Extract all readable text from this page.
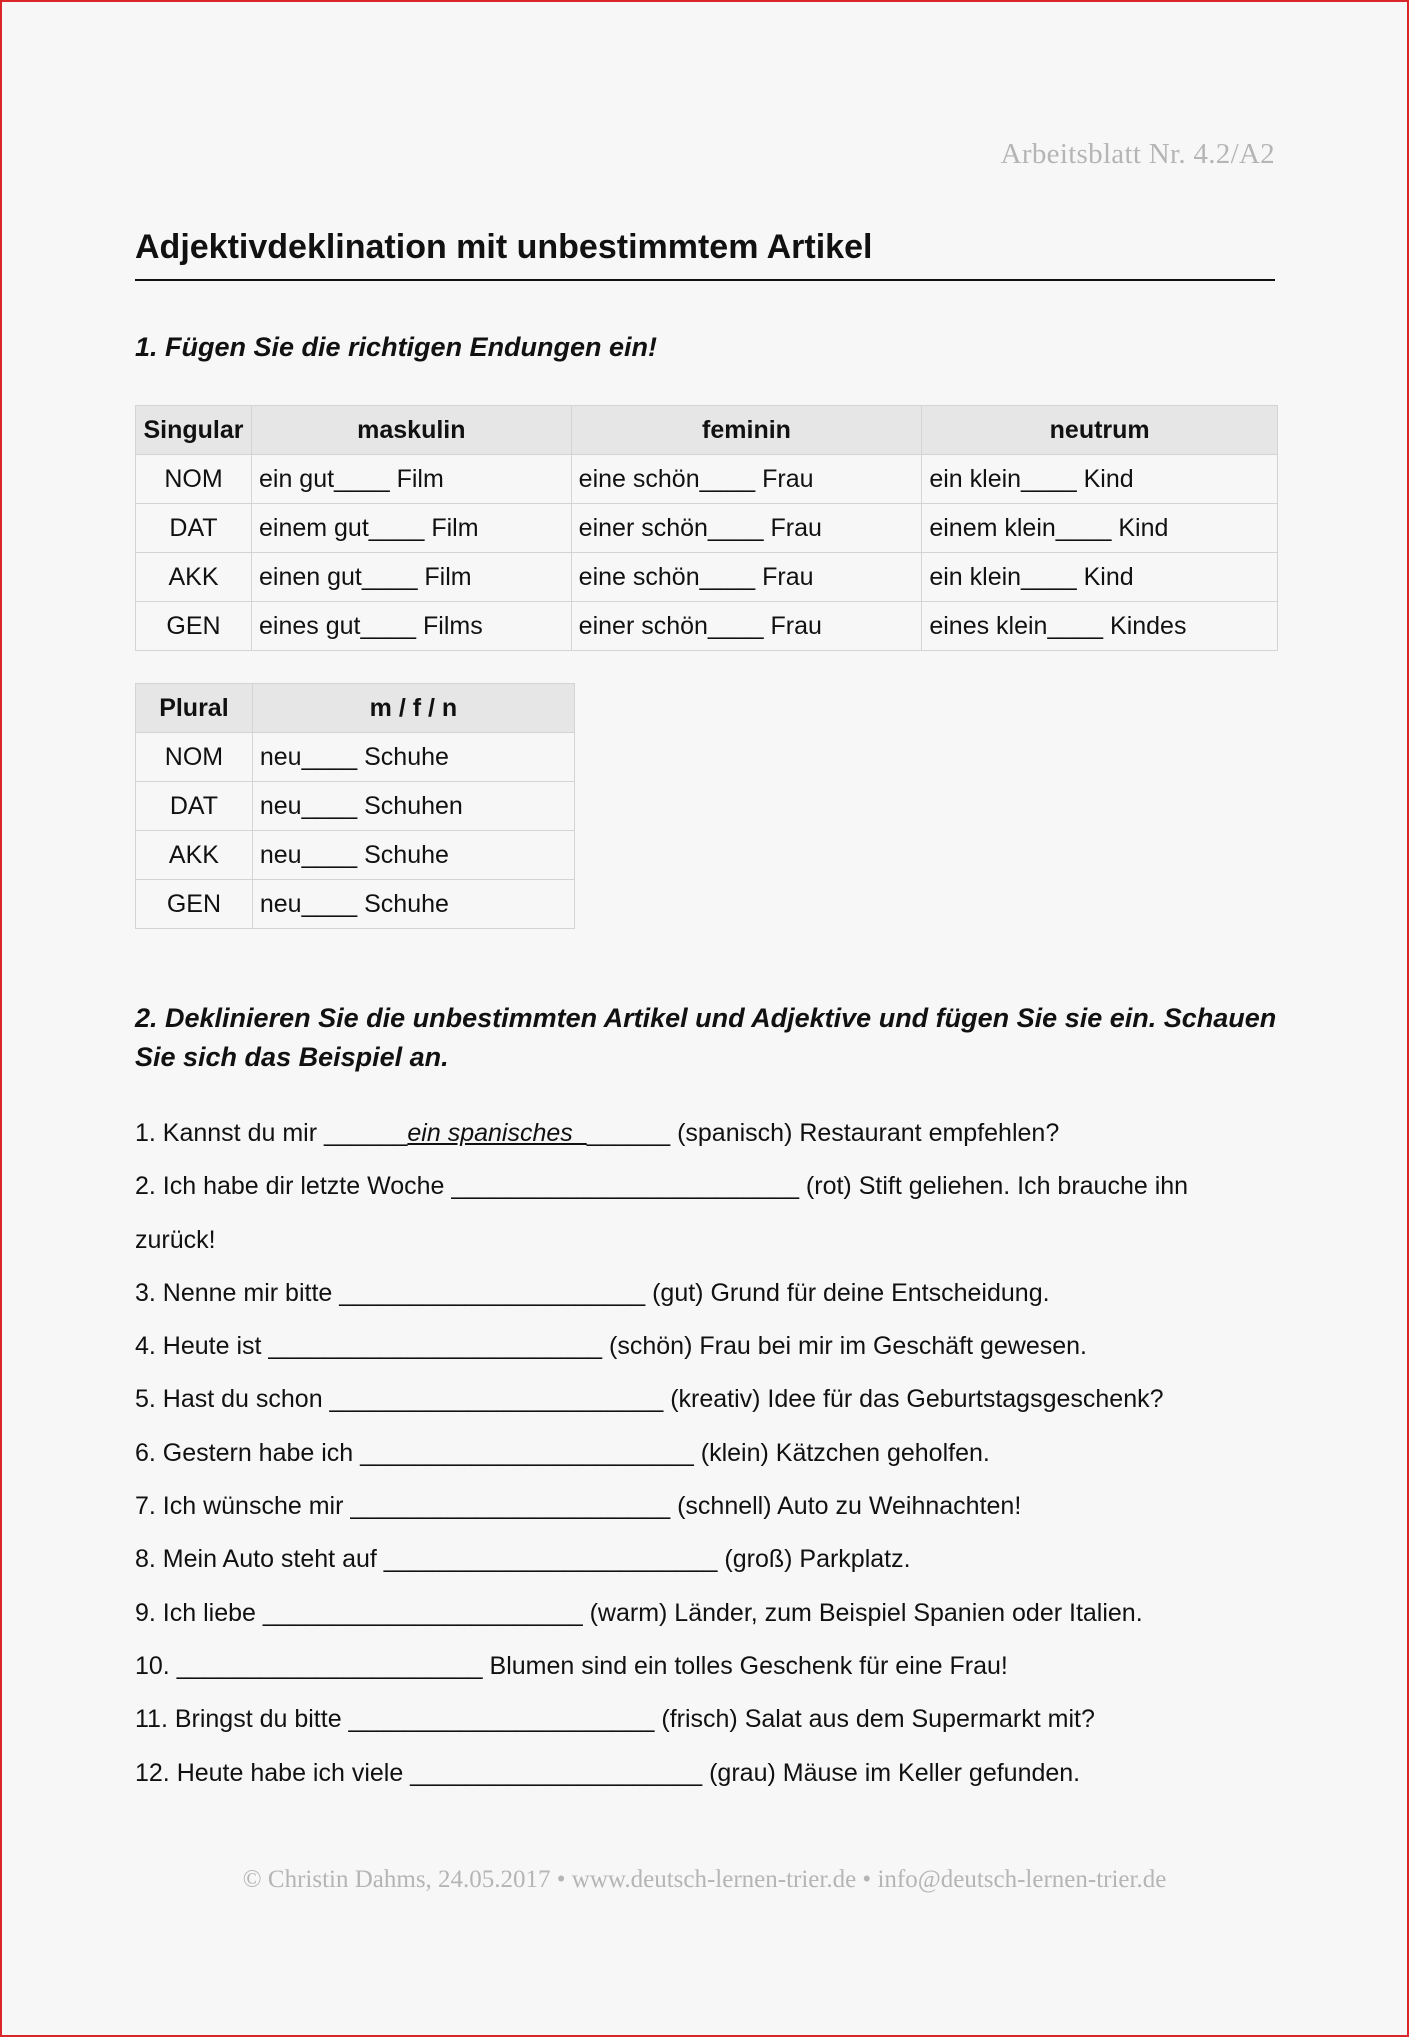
Arbeitsblatt Nr. 4.2/A2
Adjektivdeklination mit unbestimmtem Artikel
1. Fügen Sie die richtigen Endungen ein!
Singular	maskulin	feminin	neutrum
NOM	ein gut____ Film	eine schön____ Frau	ein klein____ Kind
DAT	einem gut____ Film	einer schön____ Frau	einem klein____ Kind
AKK	einen gut____ Film	eine schön____ Frau	ein klein____ Kind
GEN	eines gut____ Films	einer schön____ Frau	eines klein____ Kindes
Plural	m / f / n
NOM	neu____ Schuhe
DAT	neu____ Schuhen
AKK	neu____ Schuhe
GEN	neu____ Schuhe
2. Deklinieren Sie die unbestimmten Artikel und Adjektive und fügen Sie sie ein. Schauen Sie sich das Beispiel an.
1. Kannst du mir ______ein spanisches_______ (spanisch) Restaurant empfehlen?
2. Ich habe dir letzte Woche _________________________ (rot) Stift geliehen. Ich brauche ihn zurück!
3. Nenne mir bitte ______________________ (gut) Grund für deine Entscheidung.
4. Heute ist ________________________ (schön) Frau bei mir im Geschäft gewesen.
5. Hast du schon ________________________ (kreativ) Idee für das Geburtstagsgeschenk?
6. Gestern habe ich ________________________ (klein) Kätzchen geholfen.
7. Ich wünsche mir _______________________ (schnell) Auto zu Weihnachten!
8. Mein Auto steht auf ________________________ (groß) Parkplatz.
9. Ich liebe _______________________ (warm) Länder, zum Beispiel Spanien oder Italien.
10. ______________________ Blumen sind ein tolles Geschenk für eine Frau!
11. Bringst du bitte ______________________ (frisch) Salat aus dem Supermarkt mit?
12. Heute habe ich viele _____________________ (grau) Mäuse im Keller gefunden.
© Christin Dahms, 24.05.2017 • www.deutsch-lernen-trier.de • info@deutsch-lernen-trier.de
